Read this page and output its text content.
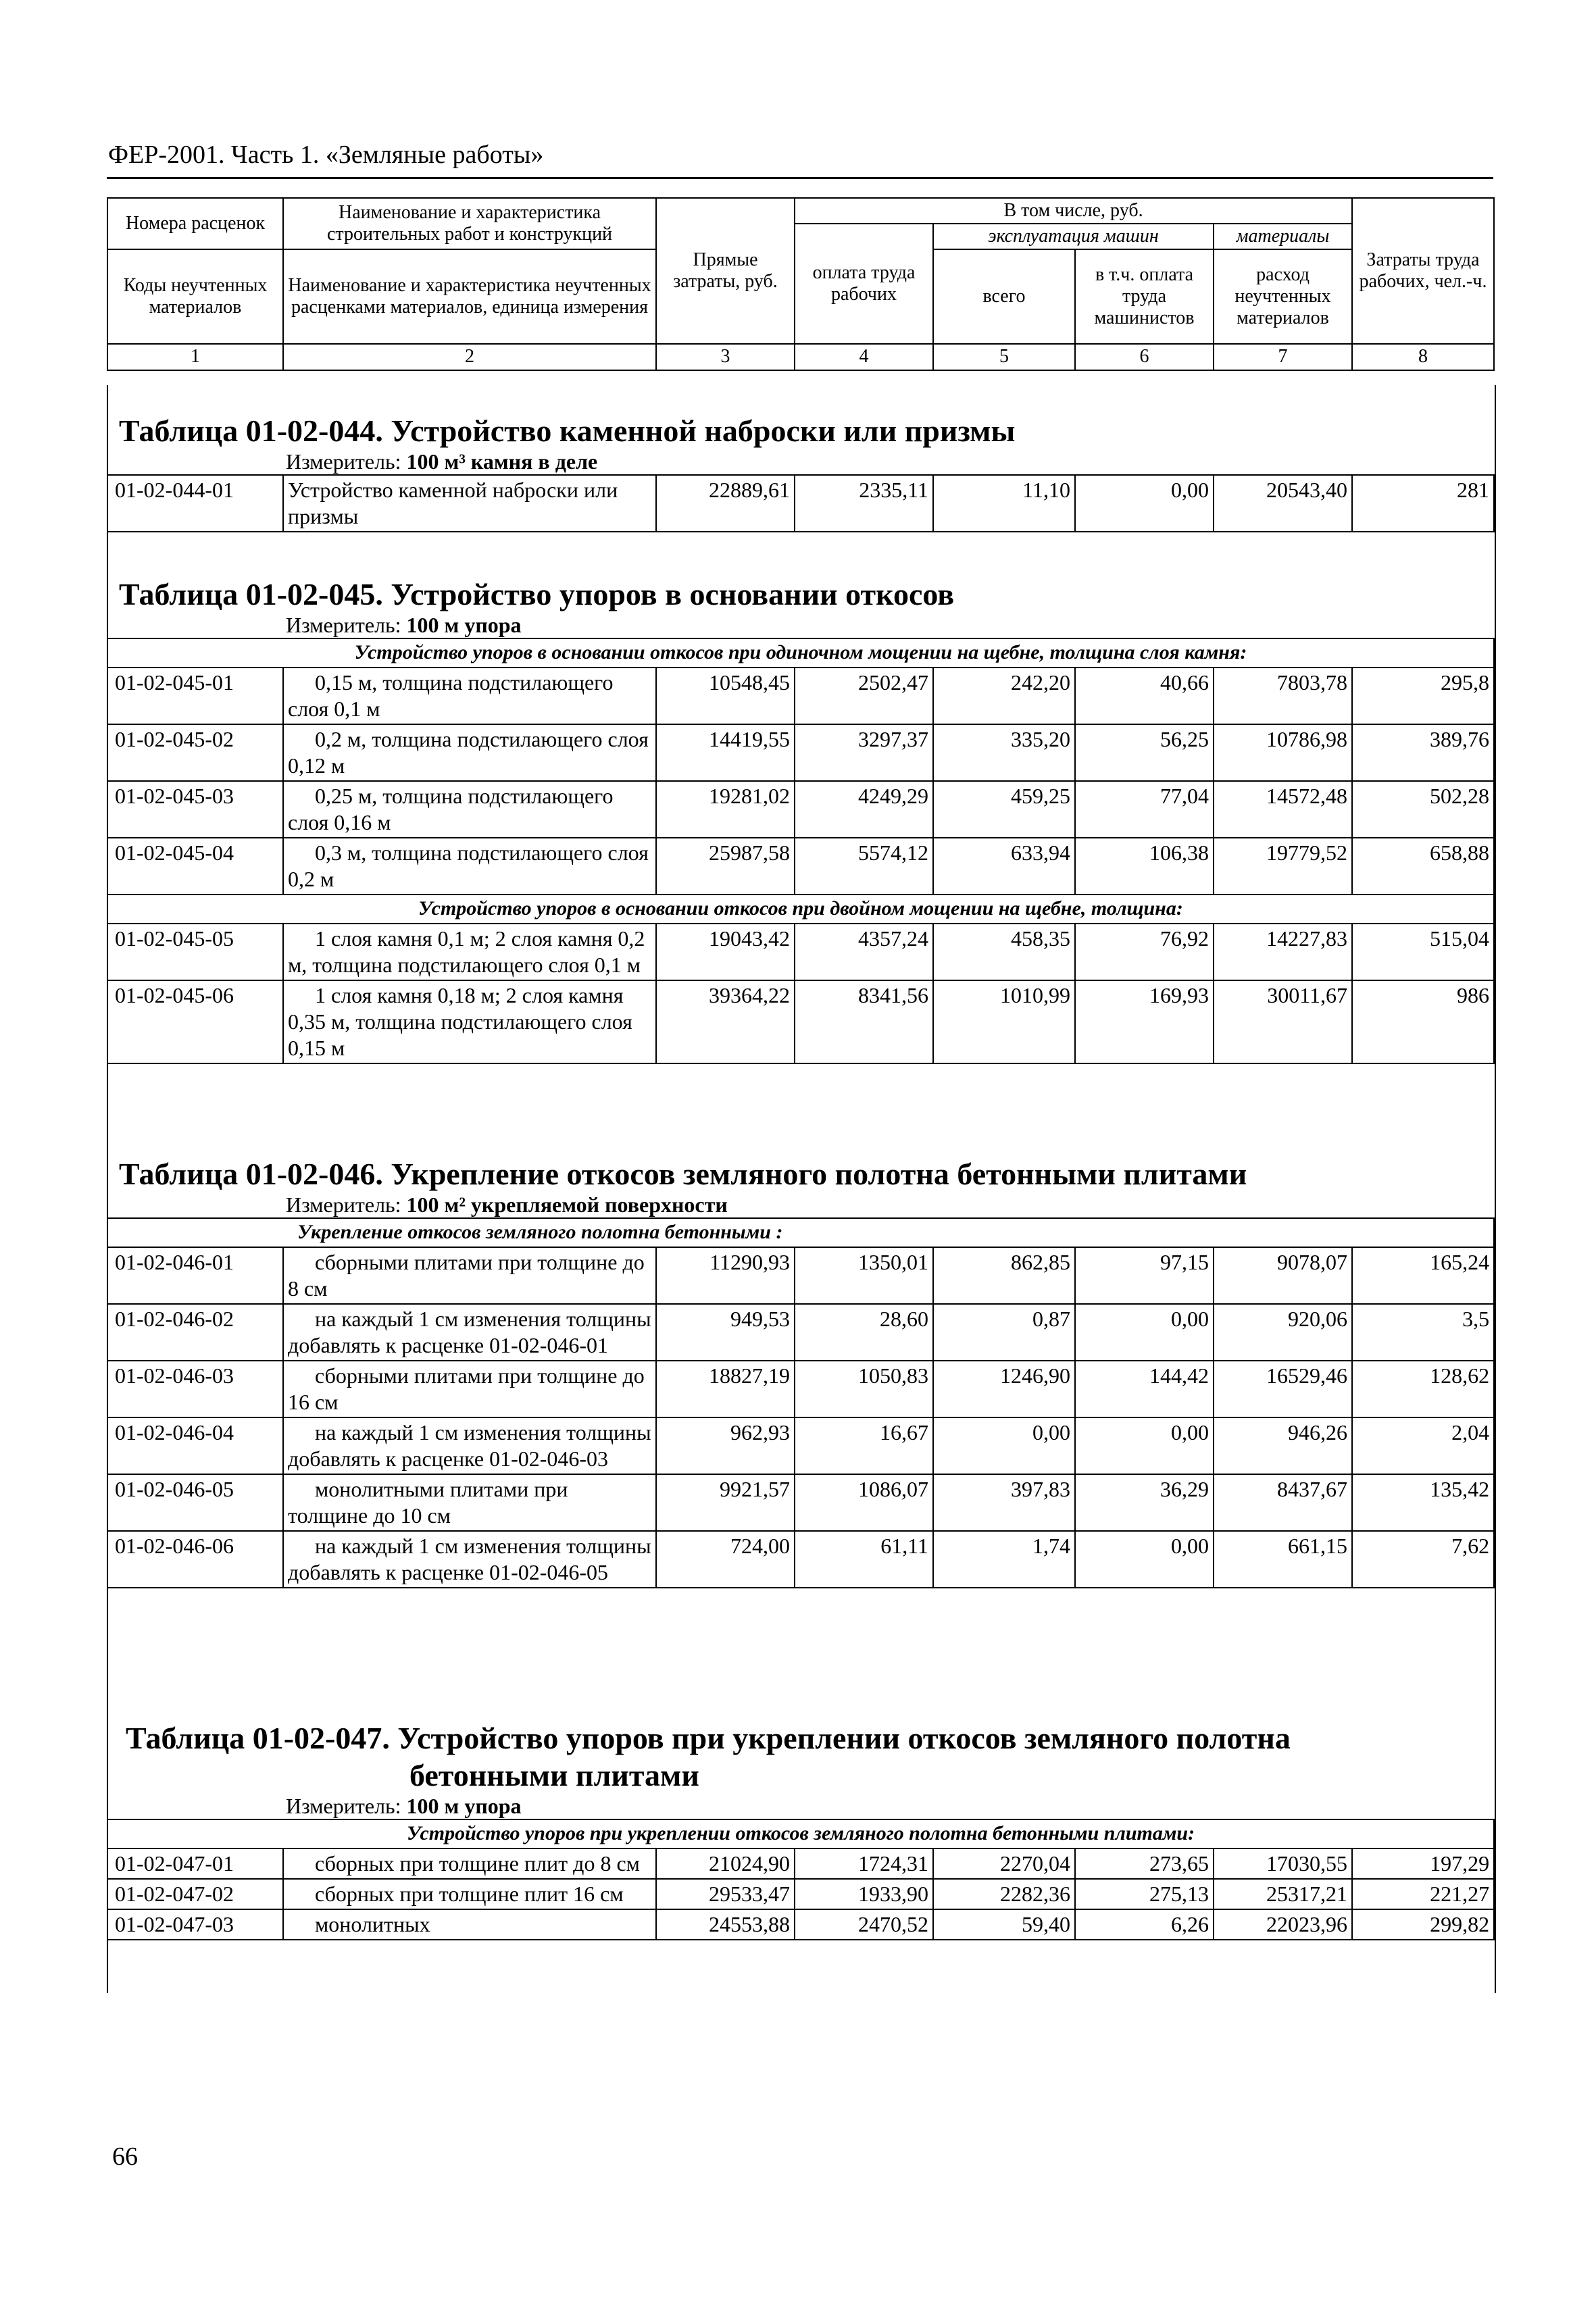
ФЕР-2001. Часть 1. «Земляные работы»
Номера расценок	Наименование и характеристика строительных работ и конструкций	Прямые затраты, руб.	В том числе, руб.				Затраты труда рабочих, чел.-ч.
			оплата труда рабочих	эксплуатация машин		материалы	
Коды неучтенных материалов	Наименование и характеристика неучтенных расценками материалов, единица измерения			всего	в т.ч. оплата труда машинистов	расход неучтенных материалов	

1	2	3	4	5	6	7	8
Таблица 01-02-044. Устройство каменной наброски или призмы
Измеритель: 100 м³ камня в деле
01-02-044-01	Устройство каменной наброски или призмы	22889,61	2335,11	11,10	0,00	20543,40	281
Таблица 01-02-045. Устройство упоров в основании откосов
Измеритель: 100 м упора
Устройство упоров в основании откосов при одиночном мощении на щебне, толщина слоя камня:							
01-02-045-01	0,15 м, толщина подстилающего слоя 0,1 м	10548,45	2502,47	242,20	40,66	7803,78	295,8
01-02-045-02	0,2 м, толщина подстилающего слоя 0,12 м	14419,55	3297,37	335,20	56,25	10786,98	389,76
01-02-045-03	0,25 м, толщина подстилающего слоя 0,16 м	19281,02	4249,29	459,25	77,04	14572,48	502,28
01-02-045-04	0,3 м, толщина подстилающего слоя 0,2 м	25987,58	5574,12	633,94	106,38	19779,52	658,88
Устройство упоров в основании откосов при двойном мощении на щебне, толщина:							
01-02-045-05	1 слоя камня 0,1 м; 2 слоя камня 0,2 м, толщина подстилающего слоя 0,1 м	19043,42	4357,24	458,35	76,92	14227,83	515,04
01-02-045-06	1 слоя камня 0,18 м; 2 слоя камня 0,35 м, толщина подстилающего слоя 0,15 м	39364,22	8341,56	1010,99	169,93	30011,67	986
Таблица 01-02-046. Укрепление откосов земляного полотна бетонными плитами
Измеритель: 100 м² укрепляемой поверхности
Укрепление откосов земляного полотна бетонными :							
01-02-046-01	сборными плитами при толщине до 8 см	11290,93	1350,01	862,85	97,15	9078,07	165,24
01-02-046-02	на каждый 1 см изменения толщины добавлять к расценке 01-02-046-01	949,53	28,60	0,87	0,00	920,06	3,5
01-02-046-03	сборными плитами при толщине до 16 см	18827,19	1050,83	1246,90	144,42	16529,46	128,62
01-02-046-04	на каждый 1 см изменения толщины добавлять к расценке 01-02-046-03	962,93	16,67	0,00	0,00	946,26	2,04
01-02-046-05	монолитными плитами при толщине до 10 см	9921,57	1086,07	397,83	36,29	8437,67	135,42
01-02-046-06	на каждый 1 см изменения толщины добавлять к расценке 01-02-046-05	724,00	61,11	1,74	0,00	661,15	7,62
Таблица 01-02-047. Устройство упоров при укреплении откосов земляного полотна
бетонными плитами
Измеритель: 100 м упора
Устройство упоров при укреплении откосов земляного полотна бетонными плитами:							
01-02-047-01	сборных при толщине плит до 8 см	21024,90	1724,31	2270,04	273,65	17030,55	197,29
01-02-047-02	сборных при толщине плит 16 см	29533,47	1933,90	2282,36	275,13	25317,21	221,27
01-02-047-03	монолитных	24553,88	2470,52	59,40	6,26	22023,96	299,82
66
